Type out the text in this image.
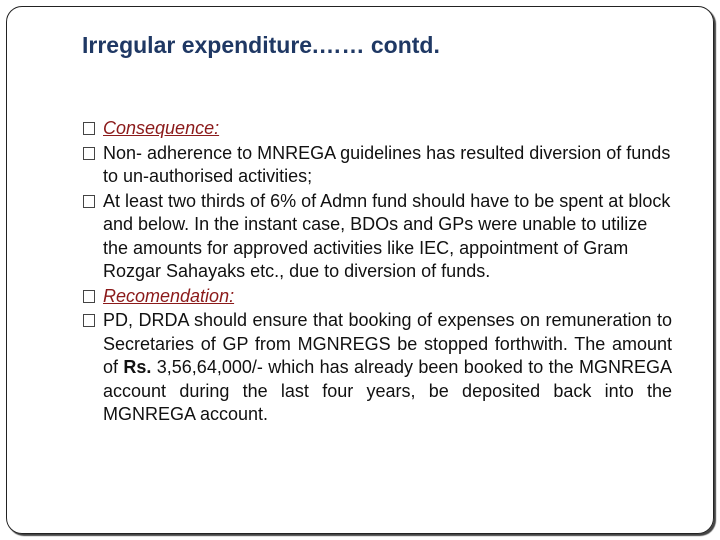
Irregular expenditure.…… contd.
Consequence:
Non- adherence to MNREGA guidelines has resulted diversion of funds to un-authorised activities;
At least two thirds of 6% of Admn fund should have to be spent at block and below. In the instant case, BDOs and GPs were unable to utilize the amounts for approved activities like IEC, appointment of Gram Rozgar Sahayaks etc., due to diversion of funds.
Recomendation:
PD, DRDA should ensure that booking of expenses on remuneration to Secretaries of GP from MGNREGS be stopped forthwith. The amount of Rs. 3,56,64,000/- which has already been booked to the MGNREGA account during the last four years, be deposited back into the MGNREGA account.
